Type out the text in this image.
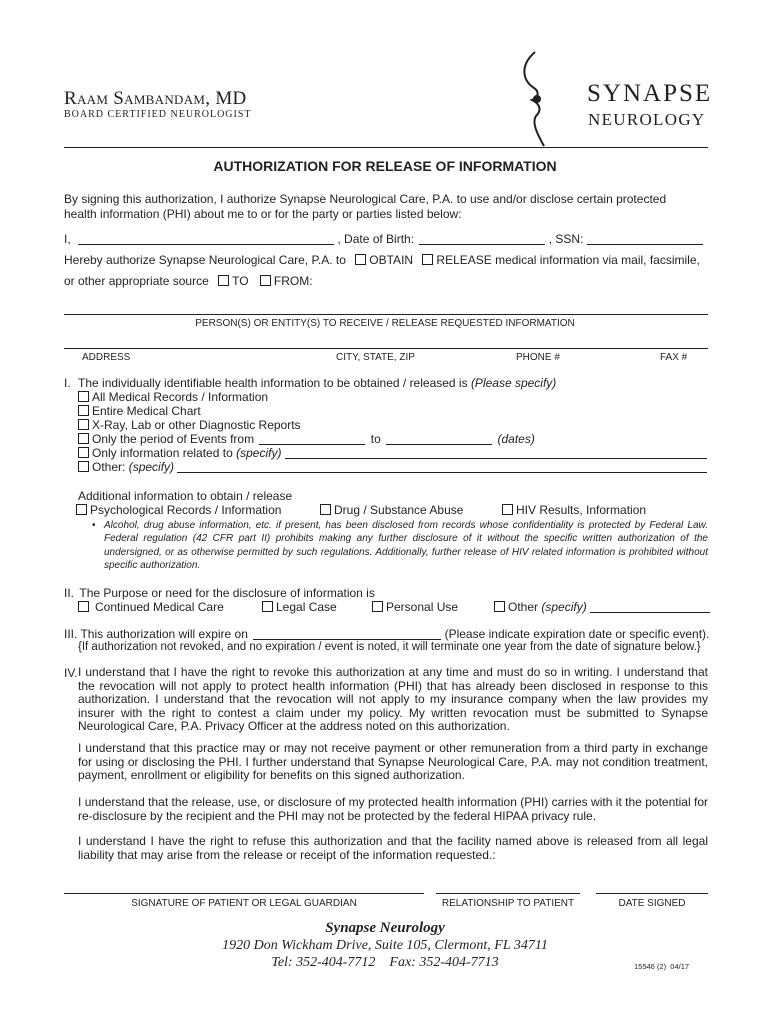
Raam Sambandam, MD
BOARD CERTIFIED NEUROLOGIST
SYNAPSE
NEUROLOGY
AUTHORIZATION FOR RELEASE OF INFORMATION
By signing this authorization, I authorize Synapse Neurological Care, P.A. to use and/or disclose certain protected health information (PHI) about me to or for the party or parties listed below:
I,	, Date of Birth:	, SSN:
Hereby authorize Synapse Neurological Care, P.A. to OBTAIN RELEASE medical information via mail, facsimile,
or other appropriate source TO FROM:
PERSON(S) OR ENTITY(S) TO RECEIVE / RELEASE REQUESTED INFORMATION
ADDRESS	CITY, STATE, ZIP	PHONE #	FAX #
I. The individually identifiable health information to be obtained / released is (Please specify)
All Medical Records / Information
Entire Medical Chart
X-Ray, Lab or other Diagnostic Reports
Only the period of Events from	to	(dates)
Only information related to (specify)
Other: (specify)
Additional information to obtain / release
Psychological Records / Information	Drug / Substance Abuse	HIV Results, Information
• Alcohol, drug abuse information, etc. if present, has been disclosed from records whose confidentiality is protected by Federal Law. Federal regulation (42 CFR part II) prohibits making any further disclosure of it without the specific written authorization of the undersigned, or as otherwise permitted by such regulations. Additionally, further release of HIV related information is prohibited without specific authorization.
II. The Purpose or need for the disclosure of information is
Continued Medical Care	Legal Case	Personal Use	Other (specify)
III. This authorization will expire on	(Please indicate expiration date or specific event).
{If authorization not revoked, and no expiration / event is noted, it will terminate one year from the date of signature below.}
IV. I understand that I have the right to revoke this authorization at any time and must do so in writing. I understand that the revocation will not apply to protect health information (PHI) that has already been disclosed in response to this authorization. I understand that the revocation will not apply to my insurance company when the law provides my insurer with the right to contest a claim under my policy. My written revocation must be submitted to Synapse Neurological Care, P.A. Privacy Officer at the address noted on this authorization.
I understand that this practice may or may not receive payment or other remuneration from a third party in exchange for using or disclosing the PHI. I further understand that Synapse Neurological Care, P.A. may not condition treatment, payment, enrollment or eligibility for benefits on this signed authorization.
I understand that the release, use, or disclosure of my protected health information (PHI) carries with it the potential for re-disclosure by the recipient and the PHI may not be protected by the federal HIPAA privacy rule.
I understand I have the right to refuse this authorization and that the facility named above is released from all legal liability that may arise from the release or receipt of the information requested.:
SIGNATURE OF PATIENT OR LEGAL GUARDIAN	RELATIONSHIP TO PATIENT	DATE SIGNED
Synapse Neurology
1920 Don Wickham Drive, Suite 105, Clermont, FL 34711
Tel: 352-404-7712    Fax: 352-404-7713	15546 (2)  04/17
